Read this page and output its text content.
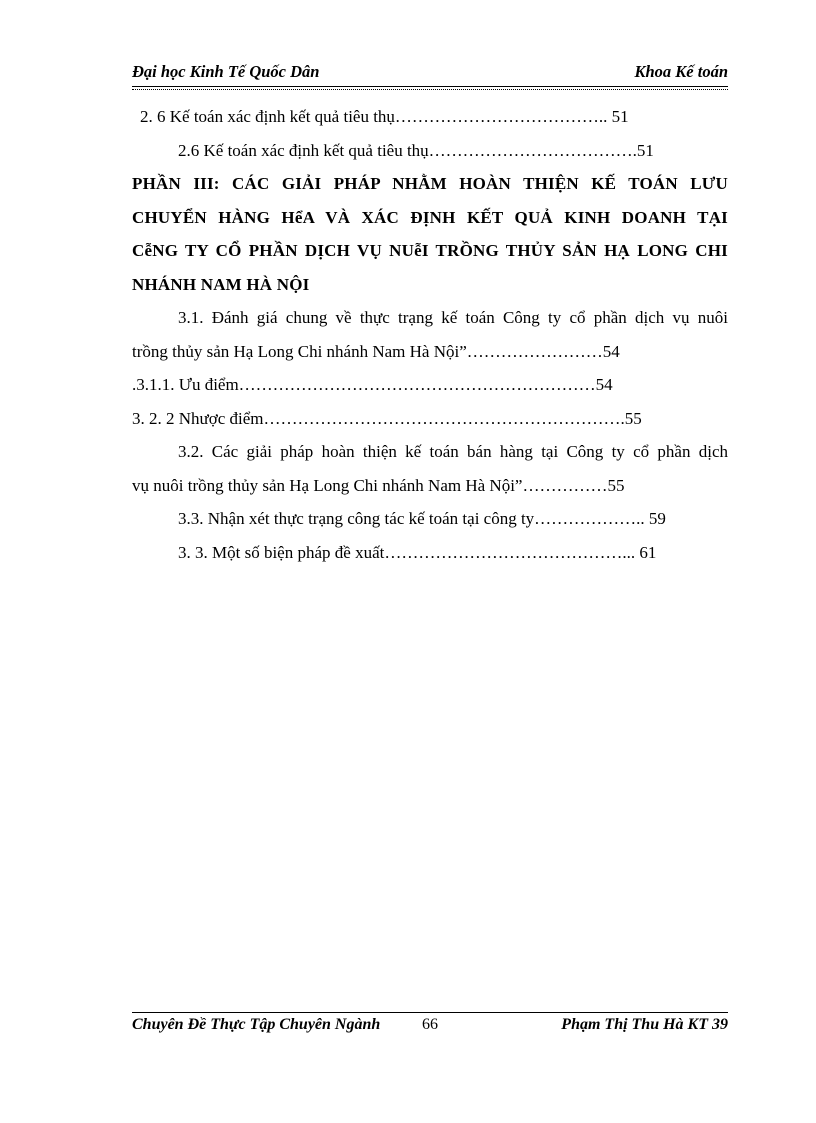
Đại học Kinh Tế Quốc Dân	Khoa Kế toán
2. 6 Kế toán xác định kết quả tiêu thụ……………………………….. 51
2.6 Kế toán xác định kết quả tiêu thụ……………………………….51
PHẦN III: CÁC GIẢI PHÁP NHẰM HOÀN THIỆN KẾ TOÁN LƯU
CHUYỂN HÀNG HểA VÀ XÁC ĐỊNH KẾT QUẢ KINH DOANH TẠI
CễNG TY CỔ PHẦN DỊCH VỤ NUễI TRỒNG THỦY SẢN HẠ LONG CHI
NHÁNH NAM HÀ NỘI
3.1. Đánh giá chung về thực trạng kế toán Công ty cổ phần dịch vụ nuôi
trồng thủy sản Hạ Long Chi nhánh Nam Hà Nội”……………………54
.3.1.1. Ưu điểm………………………………………………………54
3. 2. 2 Nhược điểm……………………………………………………….55
3.2. Các giải pháp hoàn thiện kế toán bán hàng tại Công ty cổ phần dịch
vụ nuôi trồng thủy sản Hạ Long Chi nhánh Nam Hà Nội”……………55
3.3. Nhận xét thực trạng công tác kế toán tại công ty……………….. 59
3. 3. Một số biện pháp đề xuất……………………………………... 61
Chuyên Đề Thực Tập Chuyên Ngành	66	Phạm Thị Thu Hà KT 39
